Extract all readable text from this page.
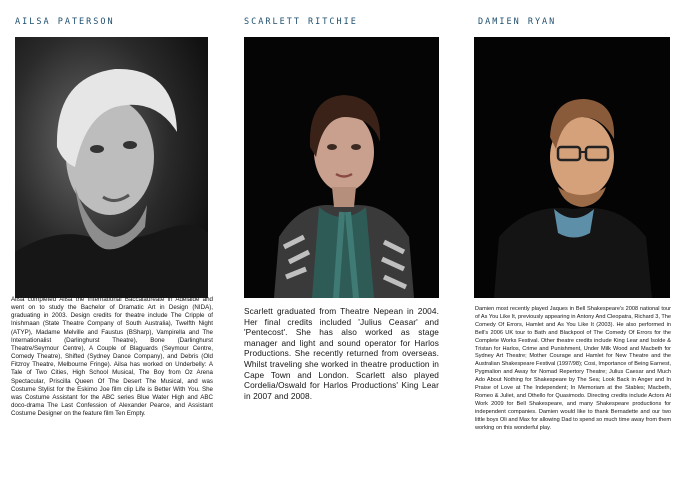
AILSA PATERSON
Ailsa completed Ailsa the International Baccalaureate in Adelaide and went on to study the Bachelor of Dramatic Art in Design (NIDA), graduating in 2003. Design credits for theatre include The Cripple of Inishmaan (State Theatre Company of South Australia), Twelfth Night (ATYP), Madame Melville and Faustus (BSharp), Vampirella and The Internationalist (Darlinghurst Theatre), Bone (Darlinghurst Theatre/Seymour Centre), A Couple of Blaguards (Seymour Centre, Comedy Theatre), Shifted (Sydney Dance Company), and Debris (Old Fitzroy Theatre, Melbourne Fringe). Ailsa has worked on Underbelly: A Tale of Two Cities, High School Musical, The Boy from Oz Arena Spectacular, Priscilla Queen Of The Desert The Musical, and was Costume Stylist for the Eskimo Joe film clip Life is Better With You. She was Costume Assistant for the ABC series Blue Water High and ABC doco-drama The Last Confession of Alexander Pearce, and Assistant Costume Designer on the feature film Ten Empty.
SCARLETT RITCHIE
Scarlett graduated from Theatre Nepean in 2004. Her final credits included 'Julius Ceasar' and 'Pentecost'. She has also worked as stage manager and light and sound operator for Harlos Productions. She recently returned from overseas. Whilst traveling she worked in theatre production in Cape Town and London. Scarlett also played Cordelia/Oswald for Harlos Productions' King Lear in 2007 and 2008.
DAMIEN RYAN
Damien most recently played Jaques in Bell Shakespeare's 2008 national tour of As You Like It, previously appearing in Antony And Cleopatra, Richard 3, The Comedy Of Errors, Hamlet and As You Like It (2003). He also performed in Bell's 2006 UK tour to Bath and Blackpool of The Comedy Of Errors for the Complete Works Festival. Other theatre credits include King Lear and Isolde & Tristan for Harlos, Crime and Punishment, Under Milk Wood and Macbeth for Sydney Art Theatre; Mother Courage and Hamlet for New Theatre and the Australian Shakespeare Festival (1997/98); Cosi, Importance of Being Earnest, Pygmalion and Away for Nomad Repertory Theatre; Julius Caesar and Much Ado About Nothing for Shakespeare by The Sea; Look Back in Anger and In Praise of Love at The Independent; In Memoriam at the Stables; Macbeth, Romeo & Juliet, and Othello for Quasimodo. Directing credits include Actors At Work 2009 for Bell Shakespeare, and many Shakespeare productions for independent companies. Damien would like to thank Bernadette and our two little boys Oli and Max for allowing Dad to spend so much time away from them working on this wonderful play.
